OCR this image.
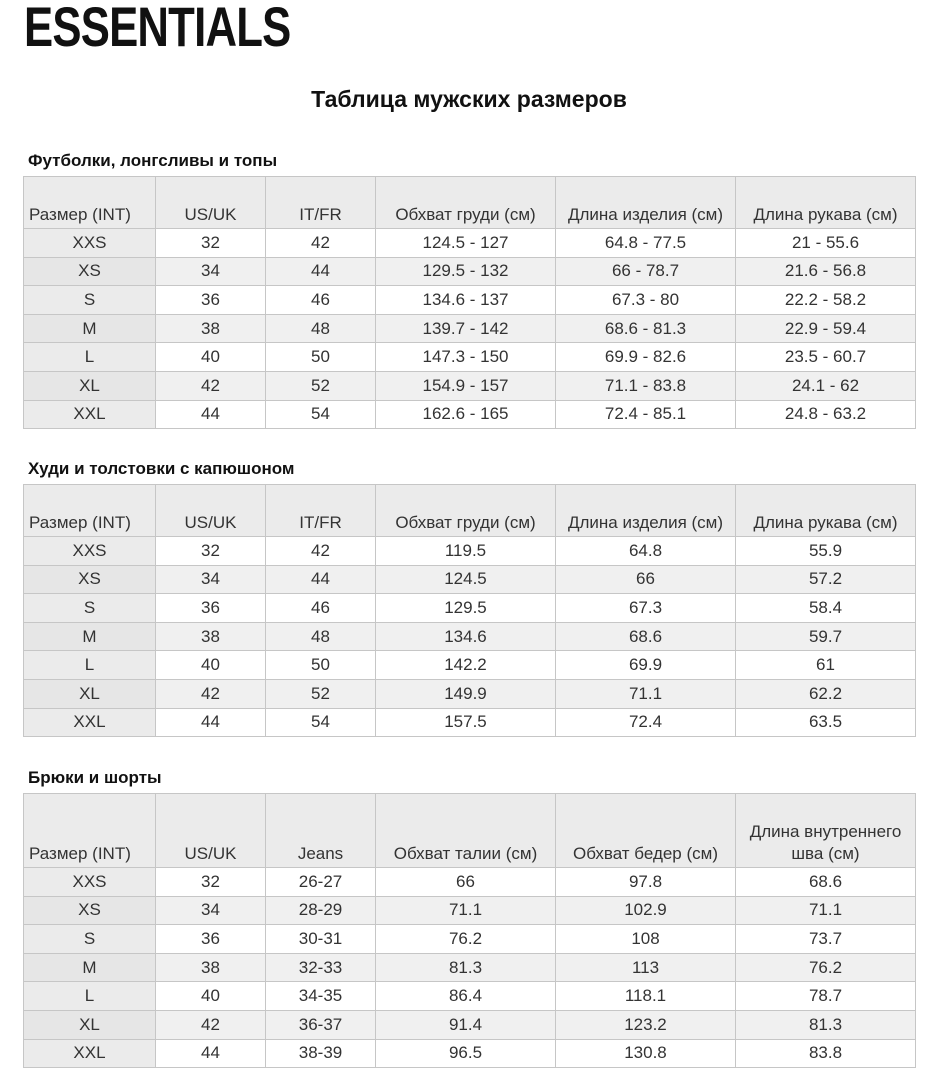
ESSENTIALS
Таблица мужских размеров
Футболки, лонгсливы и топы
Размер (INT)	US/UK	IT/FR	Обхват груди (см)	Длина изделия (см)	Длина рукава (см)
XXS	32	42	124.5 - 127	64.8 - 77.5	21 - 55.6
XS	34	44	129.5 - 132	66 - 78.7	21.6 - 56.8
S	36	46	134.6 - 137	67.3 - 80	22.2 - 58.2
M	38	48	139.7 - 142	68.6 - 81.3	22.9 - 59.4
L	40	50	147.3 - 150	69.9 - 82.6	23.5 - 60.7
XL	42	52	154.9 - 157	71.1 - 83.8	24.1 - 62
XXL	44	54	162.6 - 165	72.4 - 85.1	24.8 - 63.2
Худи и толстовки с капюшоном
Размер (INT)	US/UK	IT/FR	Обхват груди (см)	Длина изделия (см)	Длина рукава (см)
XXS	32	42	119.5	64.8	55.9
XS	34	44	124.5	66	57.2
S	36	46	129.5	67.3	58.4
M	38	48	134.6	68.6	59.7
L	40	50	142.2	69.9	61
XL	42	52	149.9	71.1	62.2
XXL	44	54	157.5	72.4	63.5
Брюки и шорты
Размер (INT)	US/UK	Jeans	Обхват талии (см)	Обхват бедер (см)	Длина внутреннего шва (см)
XXS	32	26-27	66	97.8	68.6
XS	34	28-29	71.1	102.9	71.1
S	36	30-31	76.2	108	73.7
M	38	32-33	81.3	113	76.2
L	40	34-35	86.4	118.1	78.7
XL	42	36-37	91.4	123.2	81.3
XXL	44	38-39	96.5	130.8	83.8
